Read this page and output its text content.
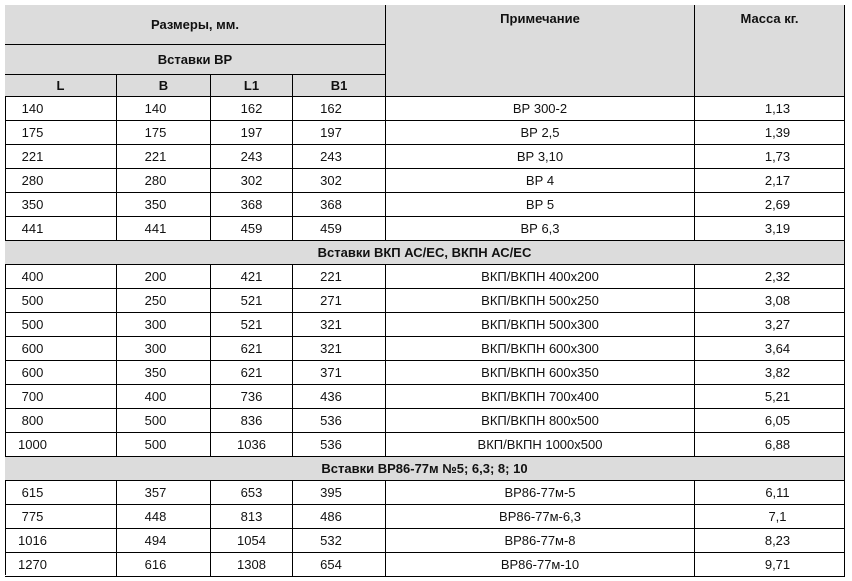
Размеры, мм.
Вставки ВР
Примечание	Масса кг.
L	B	L1	B1
140	140	162	162	ВР 300-2	1,13
175	175	197	197	ВР 2,5	1,39
221	221	243	243	ВР 3,10	1,73
280	280	302	302	ВР 4	2,17
350	350	368	368	ВР 5	2,69
441	441	459	459	ВР 6,3	3,19
Вставки ВКП АС/ЕС, ВКПН АС/ЕС
400	200	421	221	ВКП/ВКПН 400х200	2,32
500	250	521	271	ВКП/ВКПН 500х250	3,08
500	300	521	321	ВКП/ВКПН 500х300	3,27
600	300	621	321	ВКП/ВКПН 600х300	3,64
600	350	621	371	ВКП/ВКПН 600х350	3,82
700	400	736	436	ВКП/ВКПН 700х400	5,21
800	500	836	536	ВКП/ВКПН 800х500	6,05
1000	500	1036	536	ВКП/ВКПН 1000х500	6,88
Вставки ВР86-77м №5; 6,3; 8; 10
615	357	653	395	ВР86-77м-5	6,11
775	448	813	486	ВР86-77м-6,3	7,1
1016	494	1054	532	ВР86-77м-8	8,23
1270	616	1308	654	ВР86-77м-10	9,71
